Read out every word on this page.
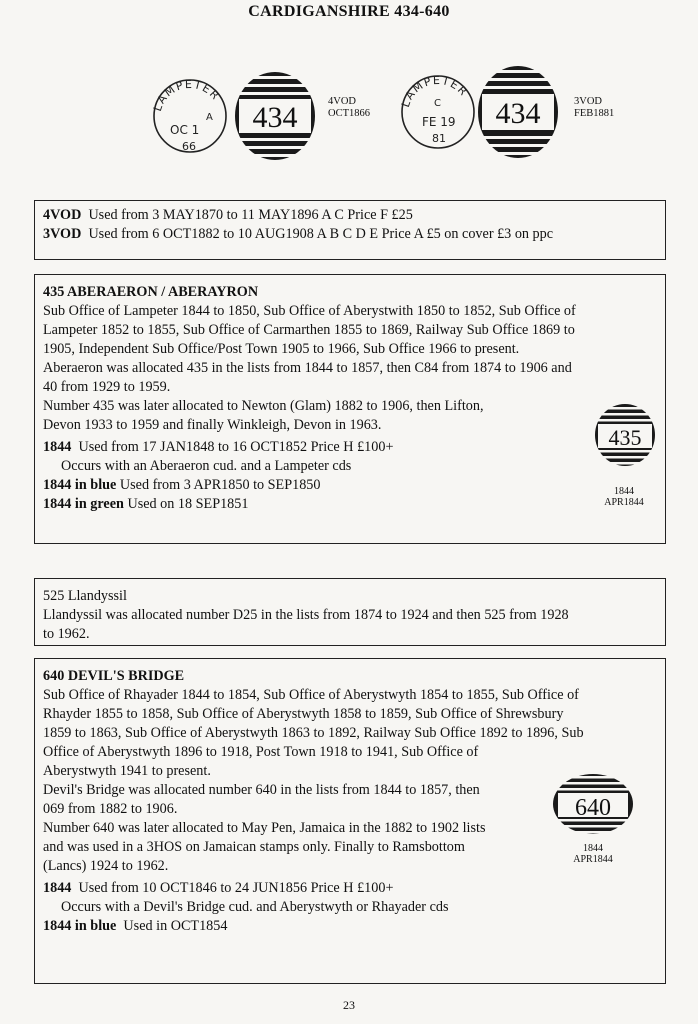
CARDIGANSHIRE 434-640
LAMPETER
A
OC 1
66
434	4VOD
OCT1866
LAMPETER
C
FE 19
81
434	3VOD
FEB1881
4VOD Used from 3 MAY1870 to 11 MAY1896 A C Price F £25
3VOD Used from 6 OCT1882 to 10 AUG1908 A B C D E Price A £5 on cover £3 on ppc
435 ABERAERON / ABERAYRON
Sub Office of Lampeter 1844 to 1850, Sub Office of Aberystwith 1850 to 1852, Sub Office of
Lampeter 1852 to 1855, Sub Office of Carmarthen 1855 to 1869, Railway Sub Office 1869 to
1905, Independent Sub Office/Post Town 1905 to 1966, Sub Office 1966 to present.
Aberaeron was allocated 435 in the lists from 1844 to 1857, then C84 from 1874 to 1906 and
40 from 1929 to 1959.
Number 435 was later allocated to Newton (Glam) 1882 to 1906, then Lifton,
Devon 1933 to 1959 and finally Winkleigh, Devon in 1963.
1844 Used from 17 JAN1848 to 16 OCT1852 Price H £100+
Occurs with an Aberaeron cud. and a Lampeter cds
1844 in blue Used from 3 APR1850 to SEP1850
1844 in green Used on 18 SEP1851
435
1844
APR1844
525 Llandyssil
Llandyssil was allocated number D25 in the lists from 1874 to 1924 and then 525 from 1928
to 1962.
640 DEVIL'S BRIDGE
Sub Office of Rhayader 1844 to 1854, Sub Office of Aberystwyth 1854 to 1855, Sub Office of
Rhayder 1855 to 1858, Sub Office of Aberystwyth 1858 to 1859, Sub Office of Shrewsbury
1859 to 1863, Sub Office of Aberystwyth 1863 to 1892, Railway Sub Office 1892 to 1896, Sub
Office of Aberystwyth 1896 to 1918, Post Town 1918 to 1941, Sub Office of
Aberystwyth 1941 to present.
Devil's Bridge was allocated number 640 in the lists from 1844 to 1857, then
069 from 1882 to 1906.
Number 640 was later allocated to May Pen, Jamaica in the 1882 to 1902 lists
and was used in a 3HOS on Jamaican stamps only. Finally to Ramsbottom
(Lancs) 1924 to 1962.
1844 Used from 10 OCT1846 to 24 JUN1856 Price H £100+
Occurs with a Devil's Bridge cud. and Aberystwyth or Rhayader cds
1844 in blue Used in OCT1854
640
1844
APR1844
23
